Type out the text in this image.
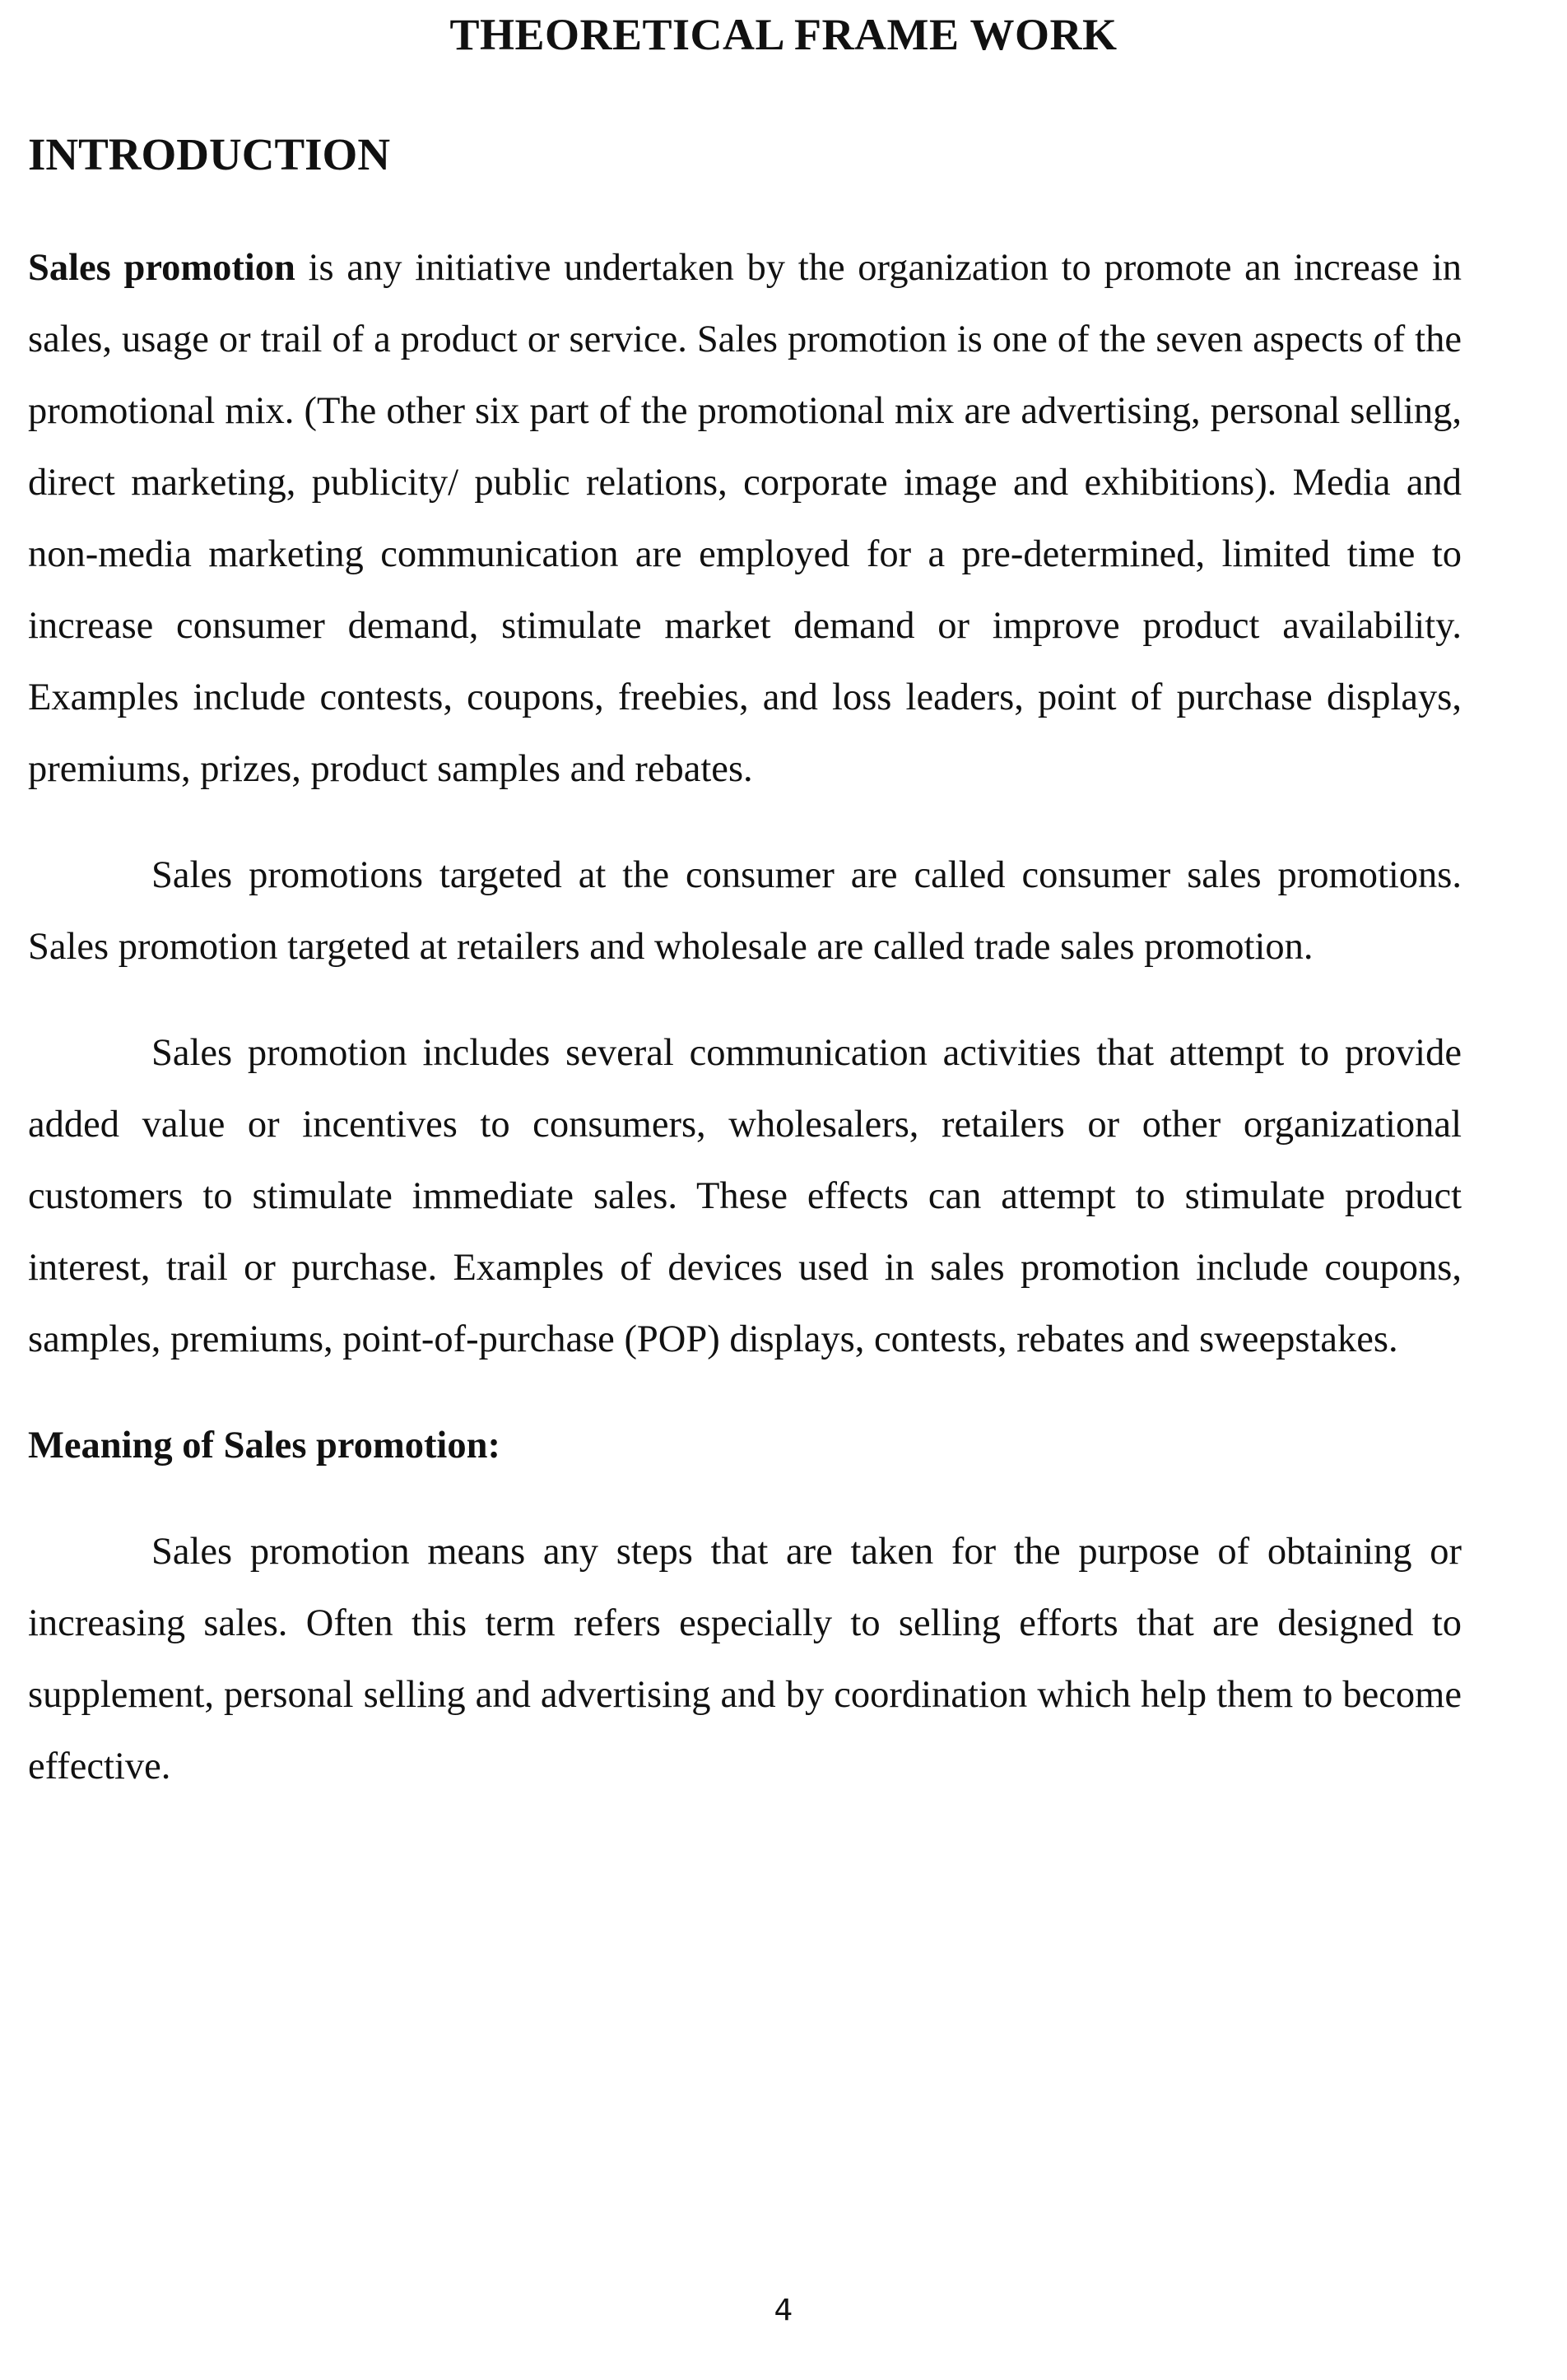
THEORETICAL FRAME WORK
INTRODUCTION

Sales promotion is any initiative undertaken by the organization to promote an increase in sales, usage or trail of a product or service. Sales promotion is one of the seven aspects of the promotional mix. (The other six part of the promotional mix are advertising, personal selling, direct marketing, publicity/ public relations, corporate image and exhibitions). Media and non-media marketing communication are employed for a pre-determined, limited time to increase consumer demand, stimulate market demand or improve product availability. Examples include contests, coupons, freebies, and loss leaders, point of purchase displays, premiums, prizes, product samples and rebates.

Sales promotions targeted at the consumer are called consumer sales promotions. Sales promotion targeted at retailers and wholesale are called trade sales promotion.

Sales promotion includes several communication activities that attempt to provide added value or incentives to consumers, wholesalers, retailers or other organizational customers to stimulate immediate sales. These effects can attempt to stimulate product interest, trail or purchase. Examples of devices used in sales promotion include coupons, samples, premiums, point-of-purchase (POP) displays, contests, rebates and sweepstakes.

Meaning of Sales promotion:

Sales promotion means any steps that are taken for the purpose of obtaining or increasing sales. Often this term refers especially to selling efforts that are designed to supplement, personal selling and advertising and by coordination which help them to become effective.

4
